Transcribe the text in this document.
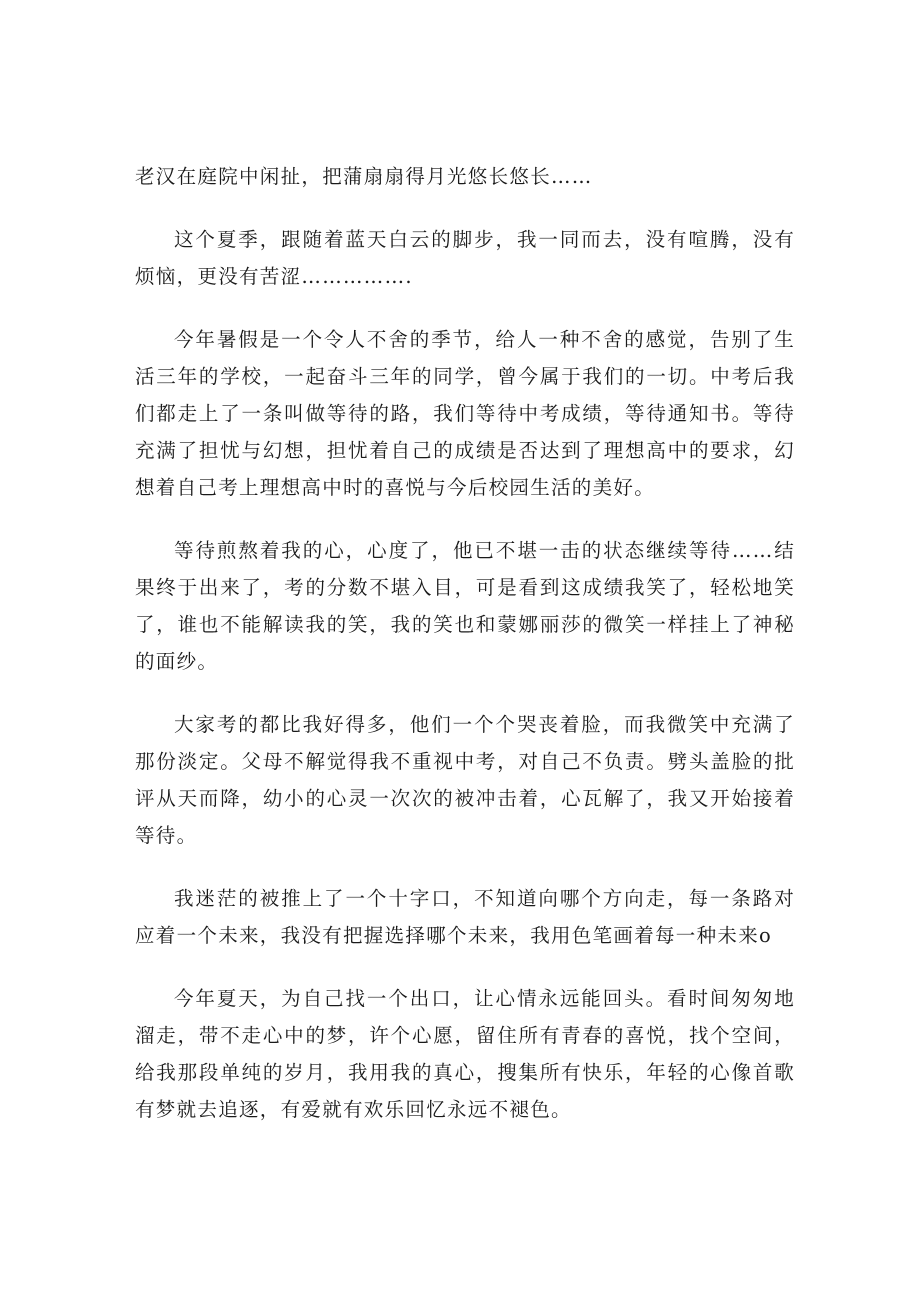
老汉在庭院中闲扯，把蒲扇扇得月光悠长悠长……

这个夏季，跟随着蓝天白云的脚步，我一同而去，没有喧腾，没有烦恼，更没有苦涩…………….

今年暑假是一个令人不舍的季节，给人一种不舍的感觉，告别了生活三年的学校，一起奋斗三年的同学，曾今属于我们的一切。中考后我们都走上了一条叫做等待的路，我们等待中考成绩，等待通知书。等待充满了担忧与幻想，担忧着自己的成绩是否达到了理想高中的要求，幻想着自己考上理想高中时的喜悦与今后校园生活的美好。

等待煎熬着我的心，心度了，他已不堪一击的状态继续等待……结果终于出来了，考的分数不堪入目，可是看到这成绩我笑了，轻松地笑了，谁也不能解读我的笑，我的笑也和蒙娜丽莎的微笑一样挂上了神秘的面纱。

大家考的都比我好得多，他们一个个哭丧着脸，而我微笑中充满了那份淡定。父母不解觉得我不重视中考，对自己不负责。劈头盖脸的批评从天而降，幼小的心灵一次次的被冲击着，心瓦解了，我又开始接着等待。

我迷茫的被推上了一个十字口，不知道向哪个方向走，每一条路对应着一个未来，我没有把握选择哪个未来，我用色笔画着每一种未来o

今年夏天，为自己找一个出口，让心情永远能回头。看时间匆匆地溜走，带不走心中的梦，许个心愿，留住所有青春的喜悦，找个空间，给我那段单纯的岁月，我用我的真心，搜集所有快乐，年轻的心像首歌有梦就去追逐，有爱就有欢乐回忆永远不褪色。
